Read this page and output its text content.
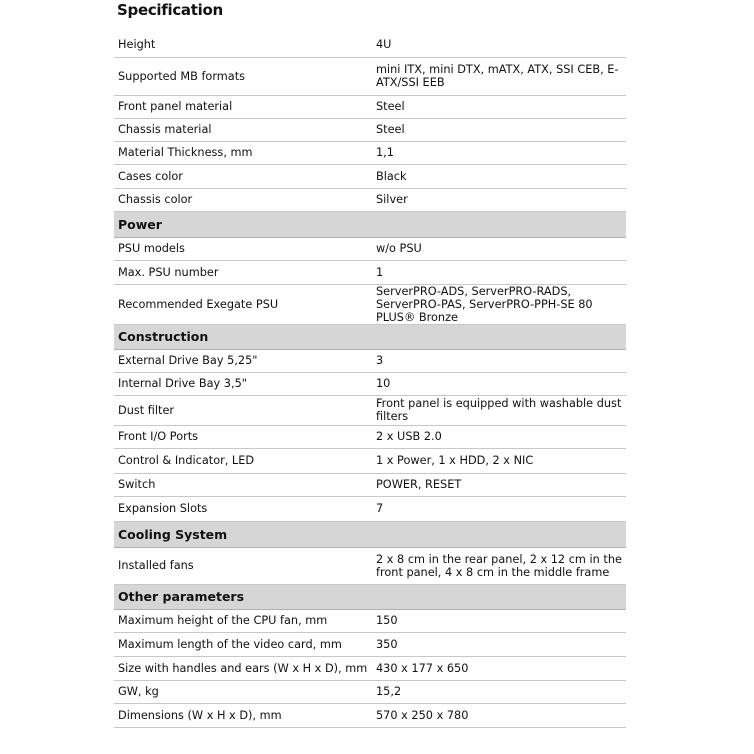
Specification
Height	4U
Supported MB formats	mini ITX, mini DTX, mATX, ATX, SSI CEB, E-ATX/SSI EEB
Front panel material	Steel
Chassis material	Steel
Material Thickness, mm	1,1
Cases color	Black
Chassis color	Silver
Power	
PSU models	w/o PSU
Max. PSU number	1
Recommended Exegate PSU	ServerPRO-ADS, ServerPRO-RADS, ServerPRO-PAS, ServerPRO-PPH-SE 80 PLUS® Bronze
Construction	
External Drive Bay 5,25"	3
Internal Drive Bay 3,5"	10
Dust filter	Front panel is equipped with washable dust filters
Front I/O Ports	2 x USB 2.0
Control & Indicator, LED	1 x Power, 1 x HDD, 2 x NIC
Switch	POWER, RESET
Expansion Slots	7
Cooling System	
Installed fans	2 x 8 cm in the rear panel, 2 x 12 cm in the front panel, 4 x 8 cm in the middle frame
Other parameters	
Maximum height of the CPU fan, mm	150
Maximum length of the video card, mm	350
Size with handles and ears (W x H x D), mm	430 x 177 x 650
GW, kg	15,2
Dimensions (W x H x D), mm	570 x 250 x 780
